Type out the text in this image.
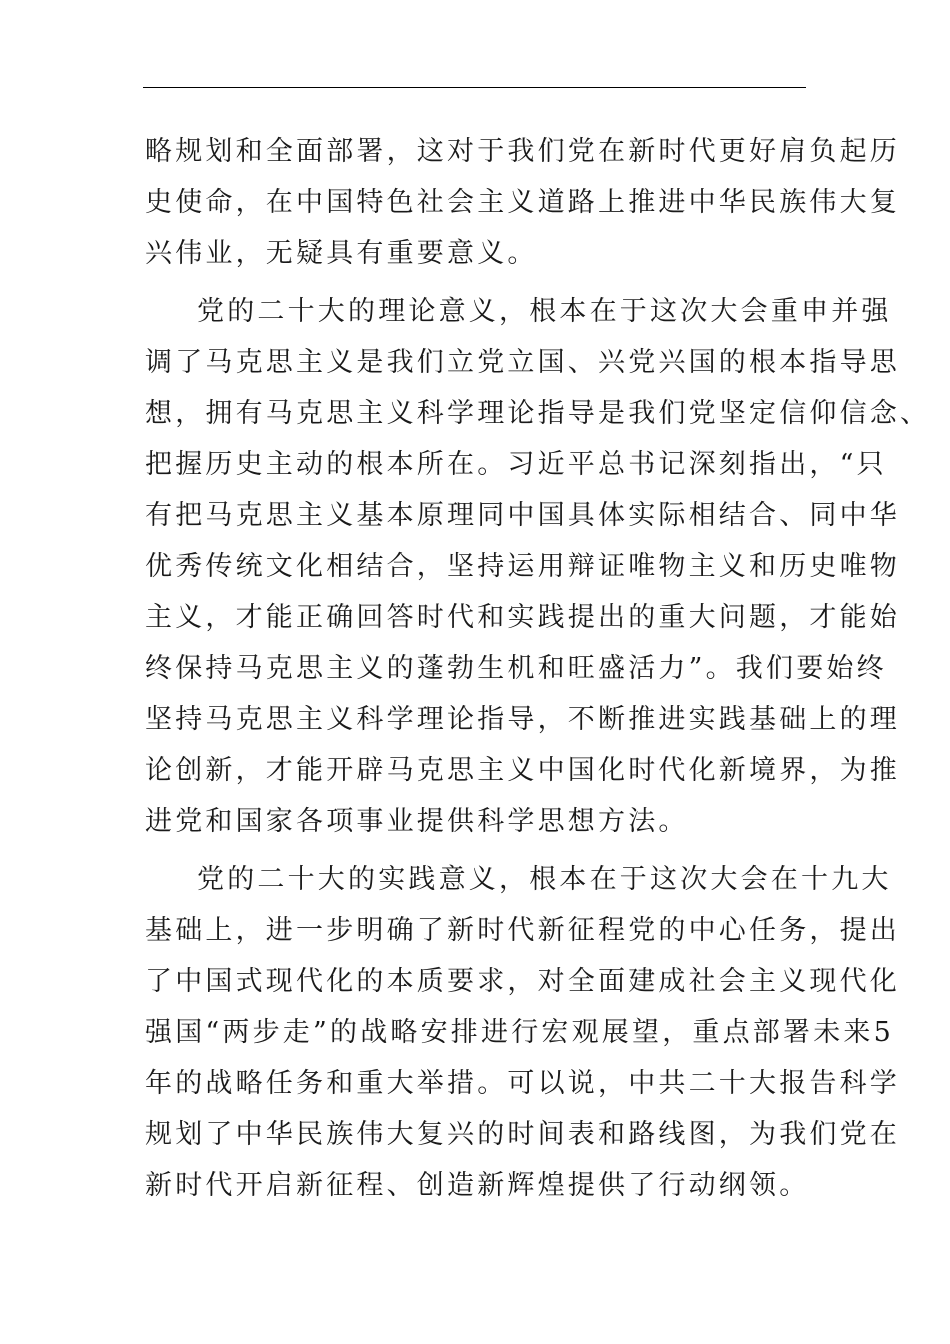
略规划和全面部署，这对于我们党在新时代更好肩负起历
史使命，在中国特色社会主义道路上推进中华民族伟大复
兴伟业，无疑具有重要意义。
党的二十大的理论意义，根本在于这次大会重申并强
调了马克思主义是我们立党立国、兴党兴国的根本指导思
想，拥有马克思主义科学理论指导是我们党坚定信仰信念、
把握历史主动的根本所在。习近平总书记深刻指出，“只
有把马克思主义基本原理同中国具体实际相结合、同中华
优秀传统文化相结合，坚持运用辩证唯物主义和历史唯物
主义，才能正确回答时代和实践提出的重大问题，才能始
终保持马克思主义的蓬勃生机和旺盛活力”。我们要始终
坚持马克思主义科学理论指导，不断推进实践基础上的理
论创新，才能开辟马克思主义中国化时代化新境界，为推
进党和国家各项事业提供科学思想方法。
党的二十大的实践意义，根本在于这次大会在十九大
基础上，进一步明确了新时代新征程党的中心任务，提出
了中国式现代化的本质要求，对全面建成社会主义现代化
强国“两步走”的战略安排进行宏观展望，重点部署未来5
年的战略任务和重大举措。可以说，中共二十大报告科学
规划了中华民族伟大复兴的时间表和路线图，为我们党在
新时代开启新征程、创造新辉煌提供了行动纲领。
